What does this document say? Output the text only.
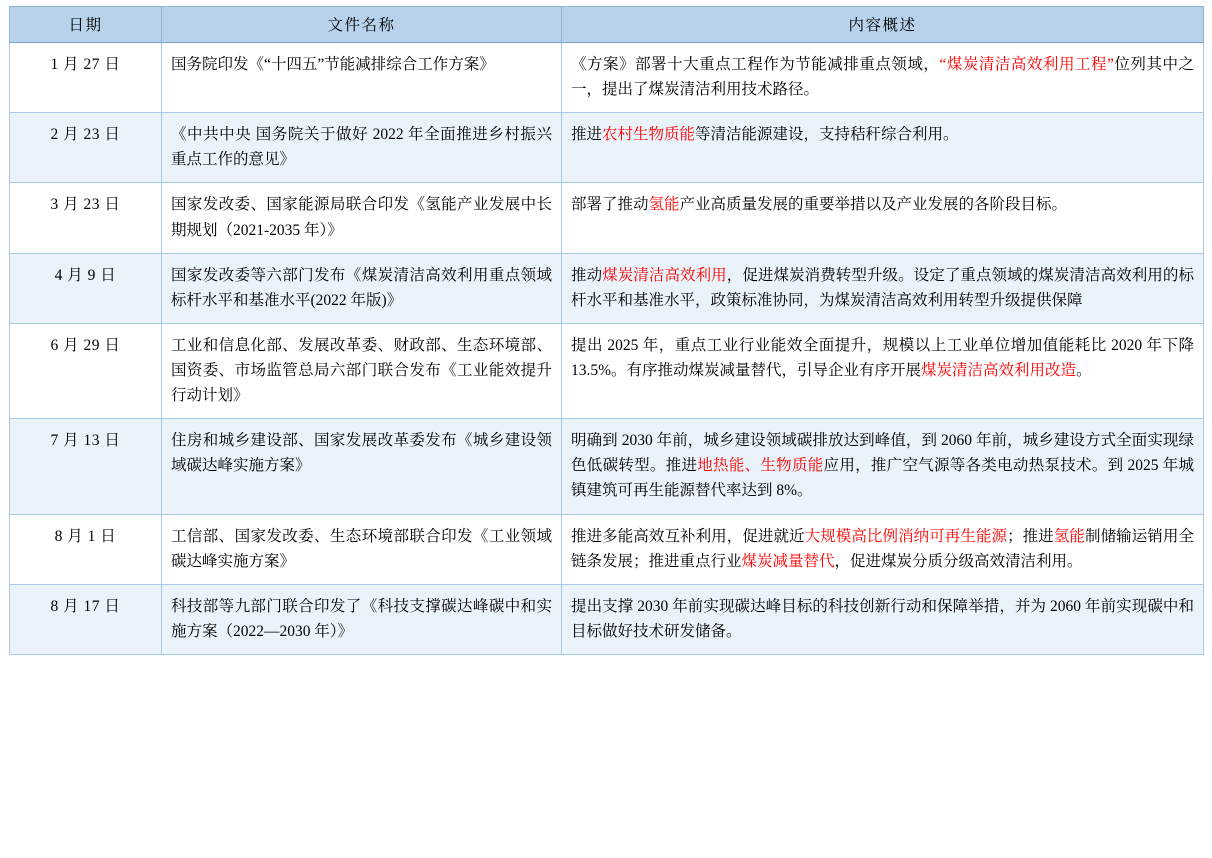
日期	文件名称	内容概述
1 月 27 日	国务院印发《“十四五”节能减排综合工作方案》	《方案》部署十大重点工程作为节能减排重点领域，“煤炭清洁高效利用工程”位列其中之一，提出了煤炭清洁利用技术路径。
2 月 23 日	《中共中央 国务院关于做好 2022 年全面推进乡村振兴重点工作的意见》	推进农村生物质能等清洁能源建设，支持秸秆综合利用。
3 月 23 日	国家发改委、国家能源局联合印发《氢能产业发展中长期规划（2021-2035 年）》	部署了推动氢能产业高质量发展的重要举措以及产业发展的各阶段目标。
4 月 9 日	国家发改委等六部门发布《煤炭清洁高效利用重点领域标杆水平和基准水平(2022 年版)》	推动煤炭清洁高效利用，促进煤炭消费转型升级。设定了重点领域的煤炭清洁高效利用的标杆水平和基准水平，政策标准协同，为煤炭清洁高效利用转型升级提供保障
6 月 29 日	工业和信息化部、发展改革委、财政部、生态环境部、国资委、市场监管总局六部门联合发布《工业能效提升行动计划》	提出 2025 年，重点工业行业能效全面提升，规模以上工业单位增加值能耗比 2020 年下降 13.5%。有序推动煤炭减量替代，引导企业有序开展煤炭清洁高效利用改造。
7 月 13 日	住房和城乡建设部、国家发展改革委发布《城乡建设领域碳达峰实施方案》	明确到 2030 年前，城乡建设领域碳排放达到峰值，到 2060 年前，城乡建设方式全面实现绿色低碳转型。推进地热能、生物质能应用，推广空气源等各类电动热泵技术。到 2025 年城镇建筑可再生能源替代率达到 8%。
8 月 1 日	工信部、国家发改委、生态环境部联合印发《工业领域碳达峰实施方案》	推进多能高效互补利用，促进就近大规模高比例消纳可再生能源；推进氢能制储输运销用全链条发展；推进重点行业煤炭减量替代，促进煤炭分质分级高效清洁利用。
8 月 17 日	科技部等九部门联合印发了《科技支撑碳达峰碳中和实施方案（2022—2030 年）》	提出支撑 2030 年前实现碳达峰目标的科技创新行动和保障举措，并为 2060 年前实现碳中和目标做好技术研发储备。
